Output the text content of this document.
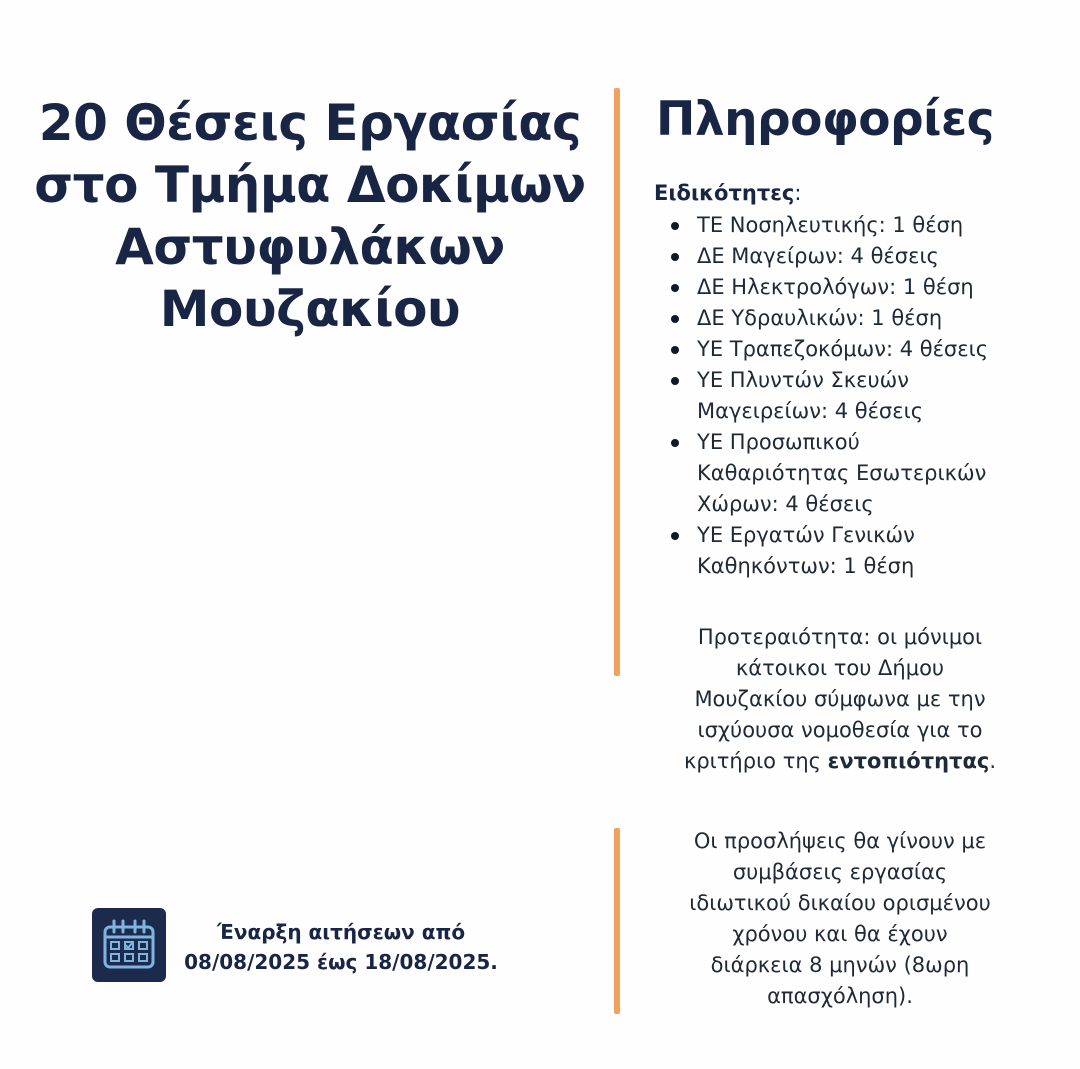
20 Θέσεις Εργασίας
στο Τμήμα Δοκίμων
Αστυφυλάκων
Μουζακίου
Πληροφορίες
Ειδικότητες:
ΤΕ Νοσηλευτικής: 1 θέση
ΔΕ Μαγείρων: 4 θέσεις
ΔΕ Ηλεκτρολόγων: 1 θέση
ΔΕ Υδραυλικών: 1 θέση
ΥΕ Τραπεζοκόμων: 4 θέσεις
ΥΕ Πλυντών Σκευών
Μαγειρείων: 4 θέσεις
ΥΕ Προσωπικού
Καθαριότητας Εσωτερικών
Χώρων: 4 θέσεις
ΥΕ Εργατών Γενικών
Καθηκόντων: 1 θέση
Προτεραιότητα: οι μόνιμοι
κάτοικοι του Δήμου
Μουζακίου σύμφωνα με την
ισχύουσα νομοθεσία για το
κριτήριο της εντοπιότητας.
Οι προσλήψεις θα γίνουν με
συμβάσεις εργασίας
ιδιωτικού δικαίου ορισμένου
χρόνου και θα έχουν
διάρκεια 8 μηνών (8ωρη
απασχόληση).
Έναρξη αιτήσεων από
08/08/2025 έως 18/08/2025.
